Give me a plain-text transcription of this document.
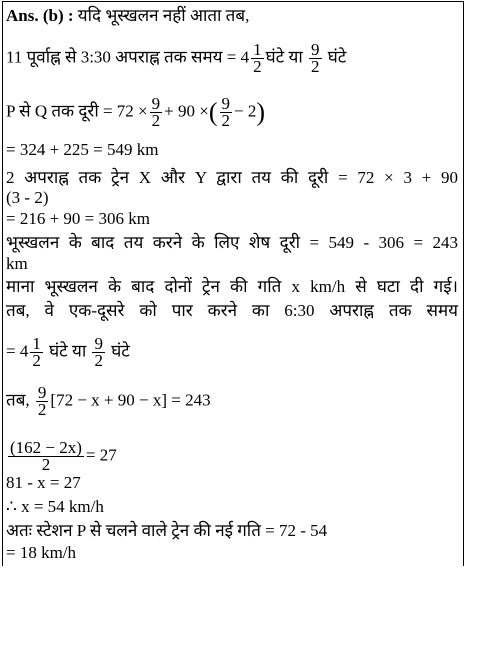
Ans. (b) : यदि भूस्खलन नहीं आता तब,
11 पूर्वाह्न से 3:30 अपराह्न तक समय = $4 \frac{1}{2}$ घंटे या $\frac{9}{2}$ घंटे
P से Q तक दूरी = $72 \times \frac{9}{2} + 90$ ×( $\frac{9}{2} - 2$)
= 324 + 225 = 549 km
2 अपराह्न तक ट्रेन X और Y द्वारा तय की दूरी = 72 × 3 + 90
(3 - 2)
= 216 + 90 = 306 km
भूस्खलन के बाद तय करने के लिए शेष दूरी = 549 - 306 = 243
km
माना भूस्खलन के बाद दोनों ट्रेन की गति x km/h से घटा दी गई।
तब, वे एक-दूसरे को पार करने का 6:30 अपराह्न तक समय
= $4 \frac{1}{2}$ घंटे या $\frac{9}{2}$ घंटे
तब, $\frac{9}{2} [72 - x + 90 - x] = 243$
$\frac{(162 - 2x)}{2} = 27$
81 - x = 27
∴ x = 54 km/h
अतः स्टेशन P से चलने वाले ट्रेन की नई गति = 72 - 54
= 18 km/h
